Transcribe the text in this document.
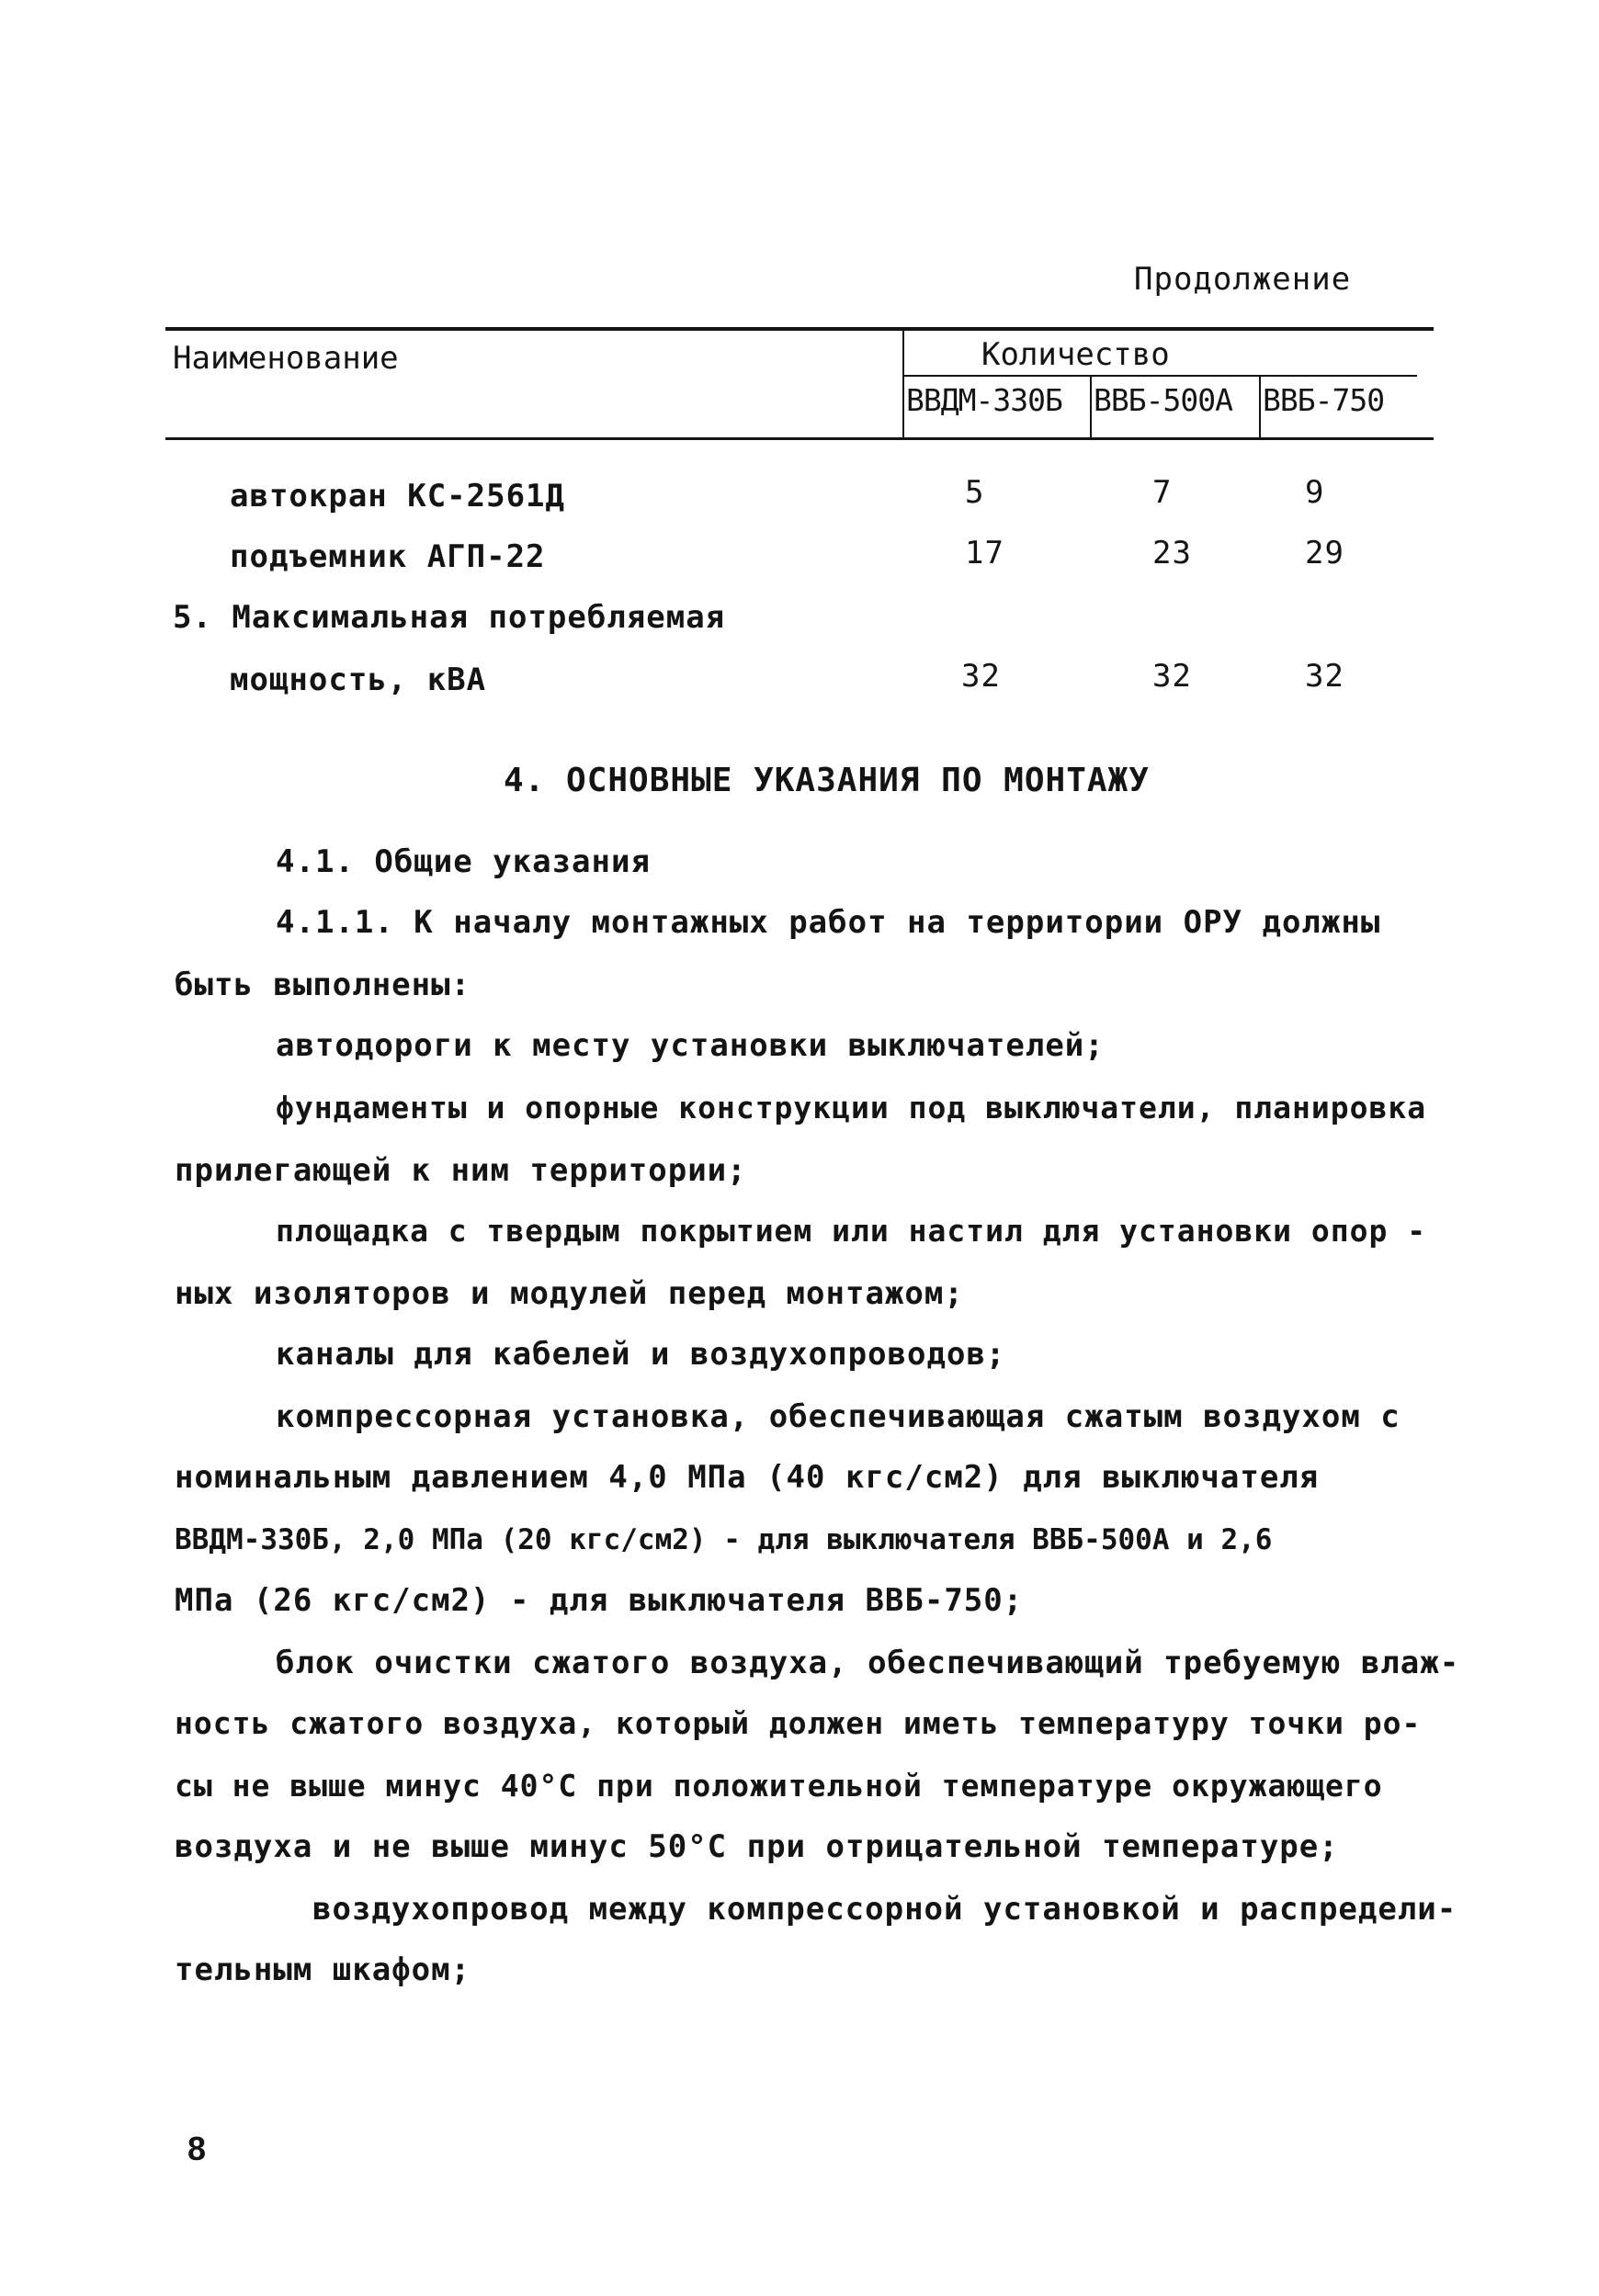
Продолжение
Наименование	Количество
ВВДМ-330Б ВВБ-500А ВВБ-750
автокран КС-2561Д	5	7	9
подъемник АГП-22	17	23	29
5. Максимальная потребляемая
мощность, кВА	32	32	32
4. ОСНОВНЫЕ УКАЗАНИЯ ПО МОНТАЖУ
4.1. Общие указания
4.1.1. К началу монтажных работ на территории ОРУ должны
быть выполнены:
автодороги к месту установки выключателей;
фундаменты и опорные конструкции под выключатели, планировка
прилегающей к ним территории;
площадка с твердым покрытием или настил для установки опор -
ных изоляторов и модулей перед монтажом;
каналы для кабелей и воздухопроводов;
компрессорная установка, обеспечивающая сжатым воздухом с
номинальным давлением 4,0 МПа (40 кгс/см2) для выключателя
ВВДМ-330Б, 2,0 МПа (20 кгс/см2) - для выключателя ВВБ-500А и 2,6
МПа (26 кгс/см2) - для выключателя ВВБ-750;
блок очистки сжатого воздуха, обеспечивающий требуемую влаж-
ность сжатого воздуха, который должен иметь температуру точки ро-
сы не выше минус 40°С при положительной температуре окружающего
воздуха и не выше минус 50°С при отрицательной температуре;
воздухопровод между компрессорной установкой и распредели-
тельным шкафом;
8
